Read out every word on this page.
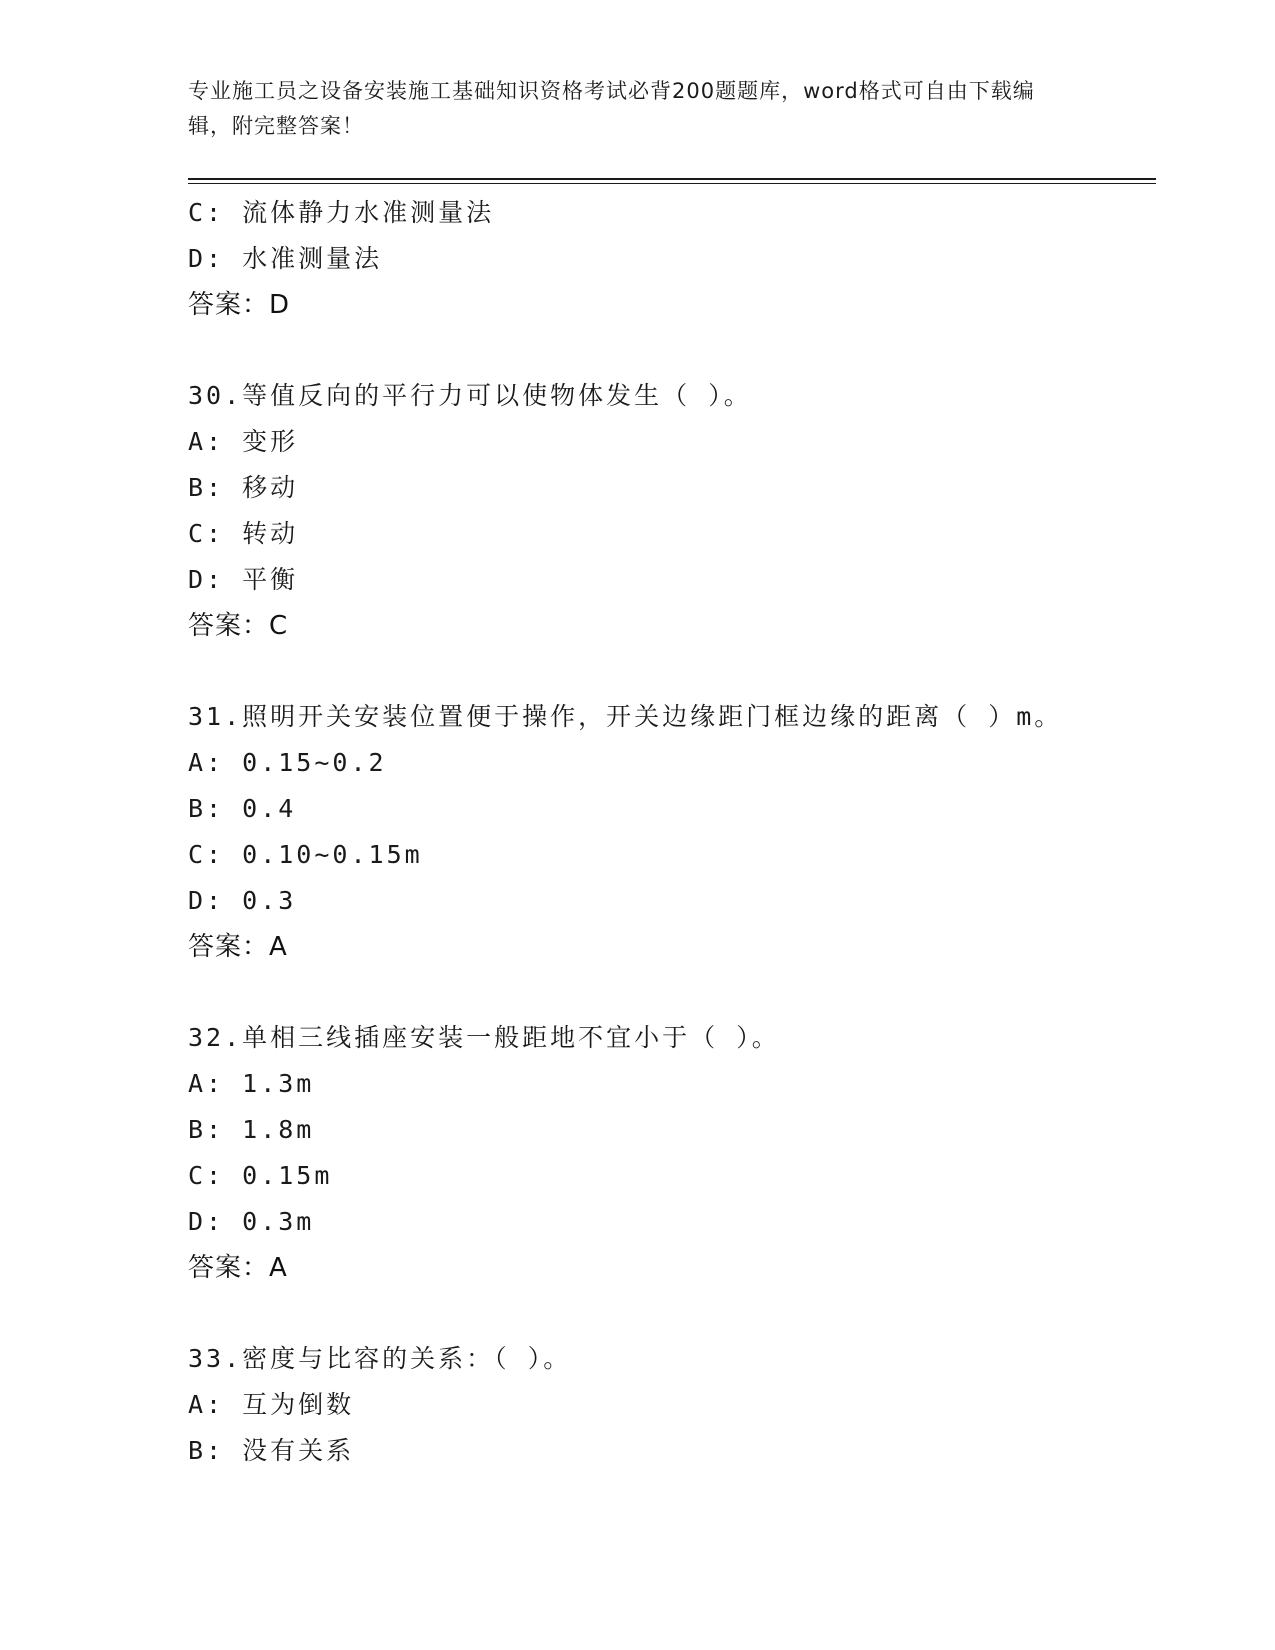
专业施工员之设备安装施工基础知识资格考试必背200题题库，word格式可自由下载编辑，附完整答案！
C: 流体静力水准测量法
D: 水准测量法
答案：D
30.等值反向的平行力可以使物体发生（ ）。
A: 变形
B: 移动
C: 转动
D: 平衡
答案：C
31.照明开关安装位置便于操作，开关边缘距门框边缘的距离（ ）m。
A: 0.15~0.2
B: 0.4
C: 0.10~0.15m
D: 0.3
答案：A
32.单相三线插座安装一般距地不宜小于（ ）。
A: 1.3m
B: 1.8m
C: 0.15m
D: 0.3m
答案：A
33.密度与比容的关系：（ ）。
A: 互为倒数
B: 没有关系
